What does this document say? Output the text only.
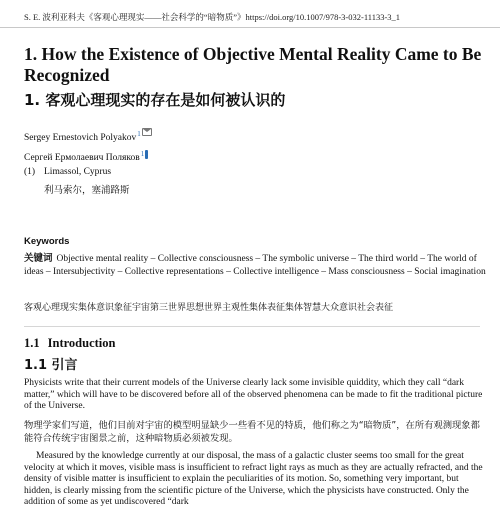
S. E. 波利亚科夫《客观心理现实——社会科学的“暗物质”》https://doi.org/10.1007/978-3-032-11133-3_1
1. How the Existence of Objective Mental Reality Came to Be Recognized
1. 客观心理现实的存在是如何被认识的
Sergey Ernestovich Polyakov$^1$
Сергей Ермолаевич Поляков$^1$
(1) Limassol, Cyprus
利马索尔，塞浦路斯
Keywords
关键词 Objective mental reality – Collective consciousness – The symbolic universe – The third world – The world of ideas – Intersubjectivity – Collective representations – Collective intelligence – Mass consciousness – Social imagination
客观心理现实集体意识象征宇宙第三世界思想世界主观性集体表征集体智慧大众意识社会表征
1.1 Introduction
1.1 引言
Physicists write that their current models of the Universe clearly lack some invisible quiddity, which they call “dark matter,” which will have to be discovered before all of the observed phenomena can be made to fit the traditional picture of the Universe.
物理学家们写道，他们目前对宇宙的模型明显缺少一些看不见的特质，他们称之为“暗物质”，在所有观测现象都能符合传统宇宙图景之前，这种暗物质必须被发现。
Measured by the knowledge currently at our disposal, the mass of a galactic cluster seems too small for the great velocity at which it moves, visible mass is insufficient to refract light rays as much as they are actually refracted, and the density of visible matter is insufficient to explain the peculiarities of its motion. So, something very important, but hidden, is clearly missing from the scientific picture of the Universe, which the physicists have constructed. Only the addition of some as yet undiscovered “dark
